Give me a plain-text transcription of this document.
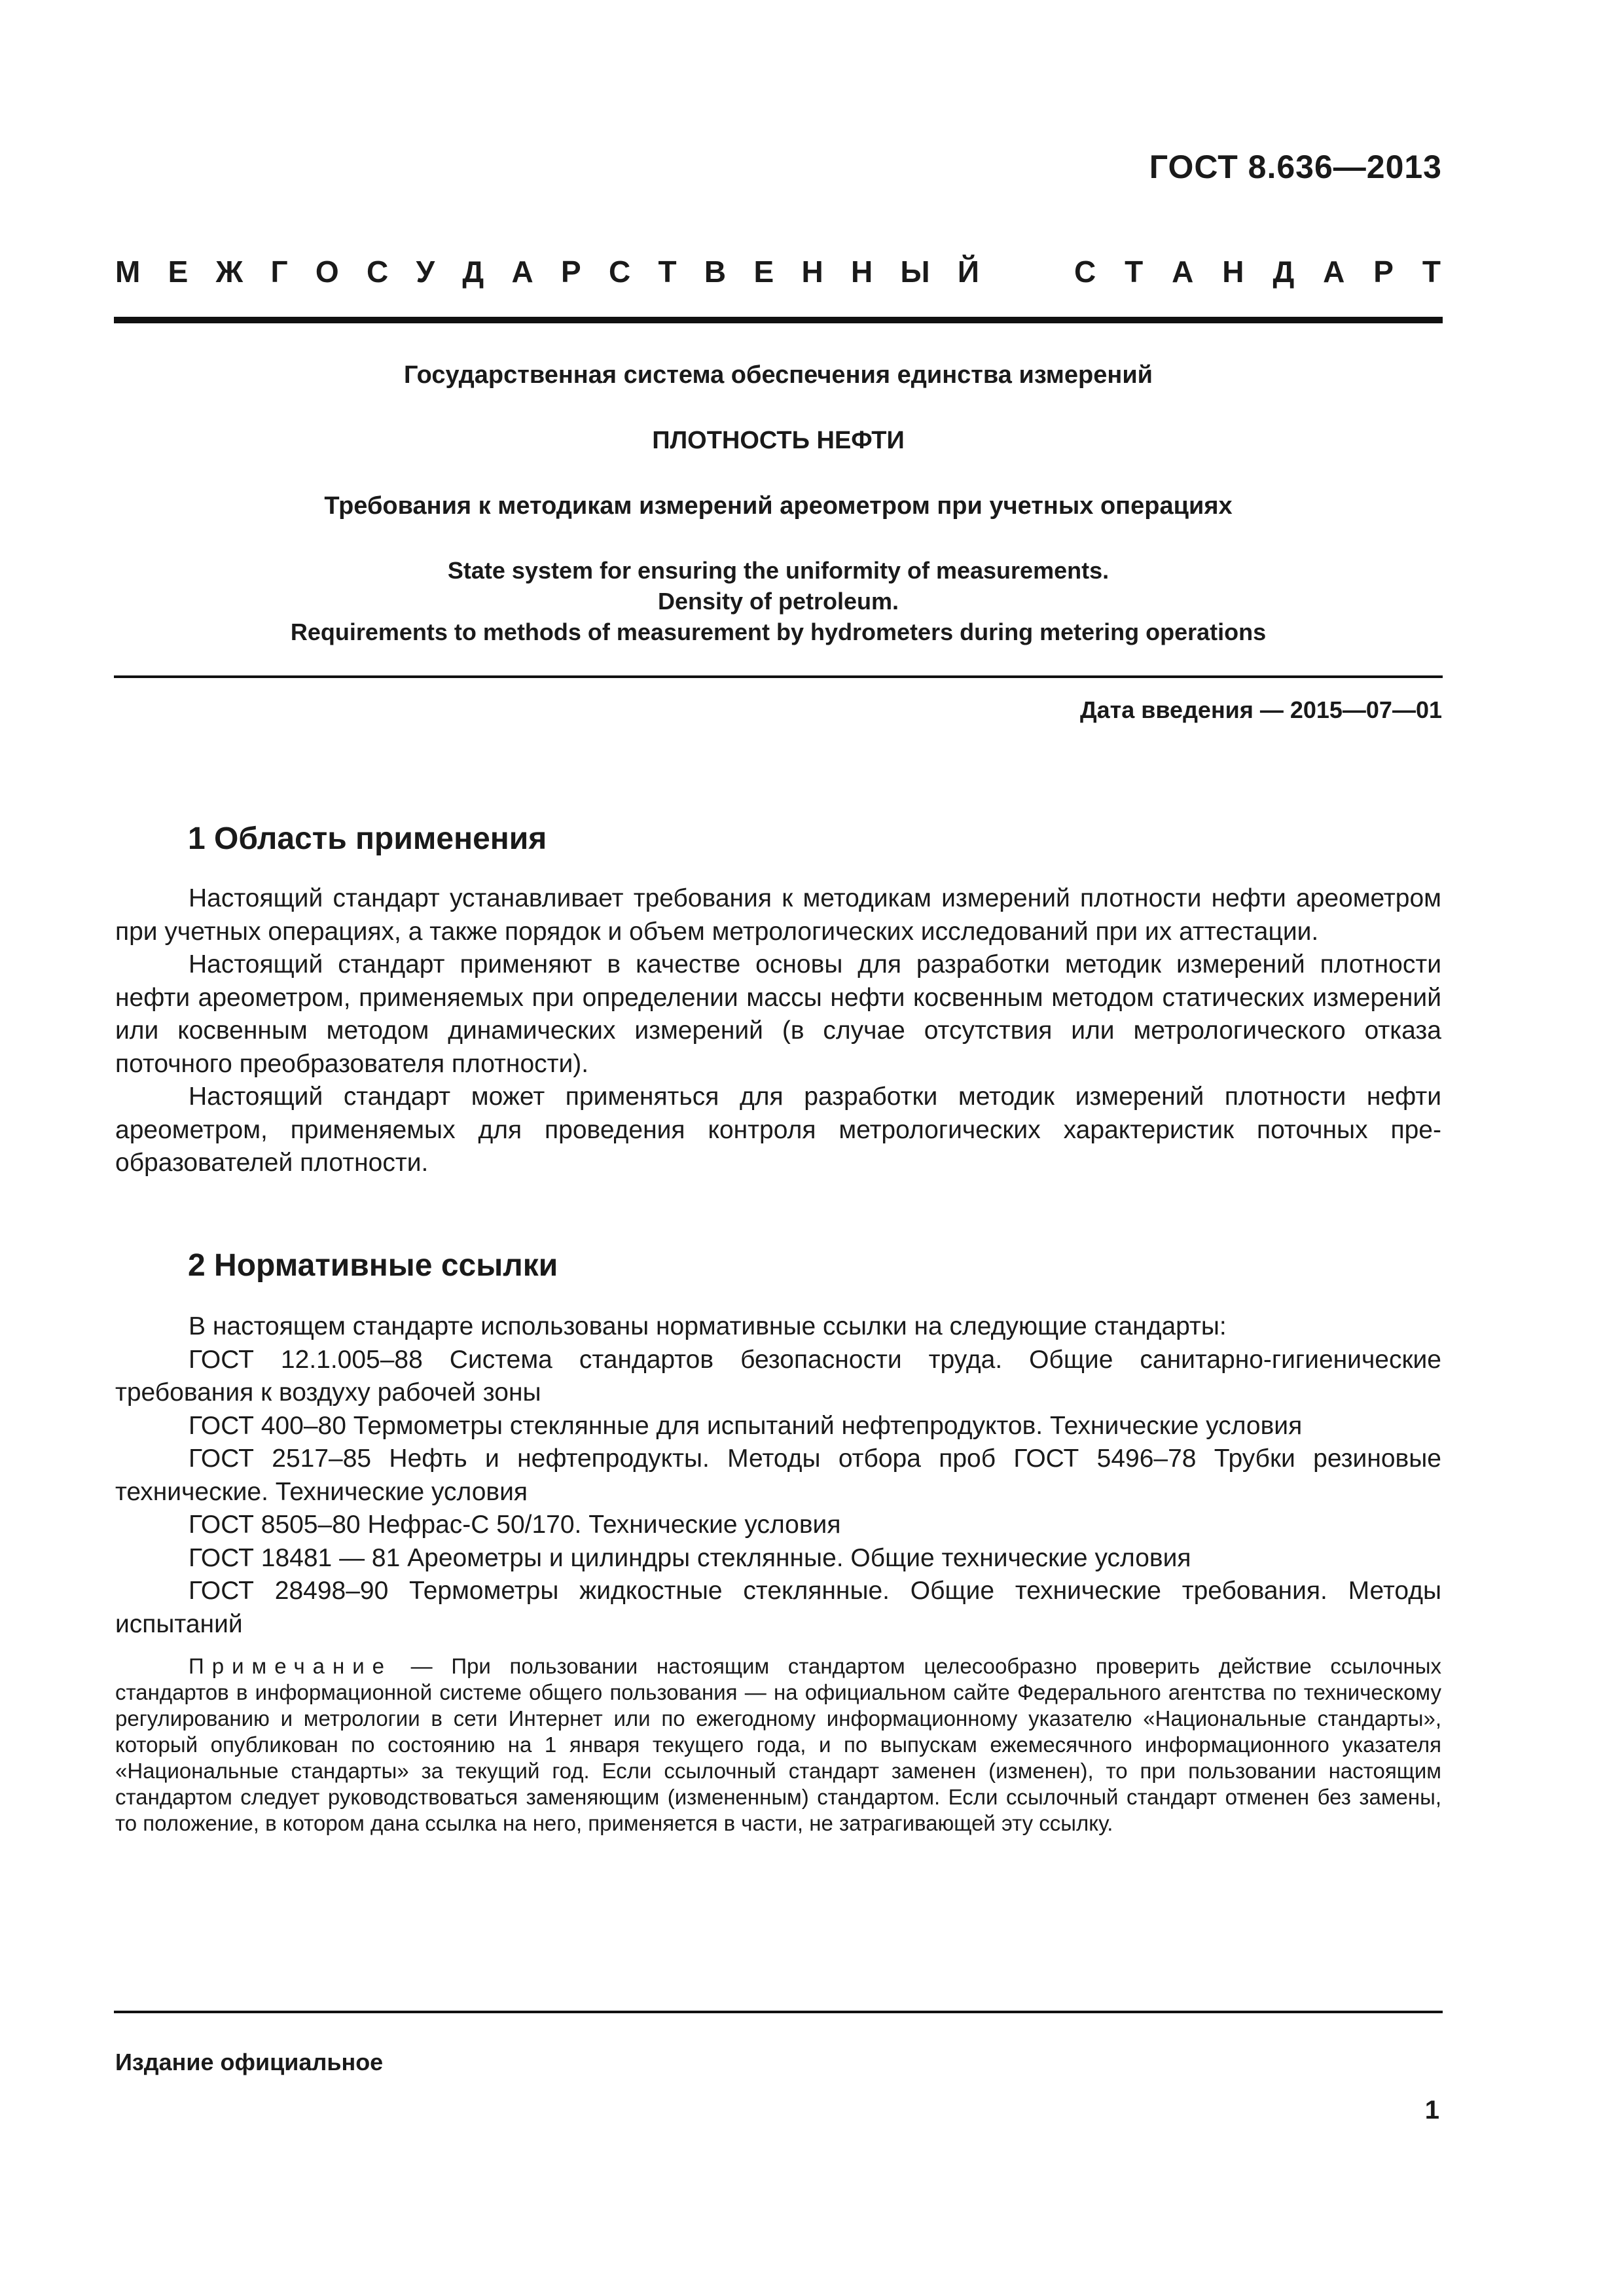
ГОСТ 8.636—2013
М Е Ж Г О С У Д А Р С Т В Е Н Н Ы Й	С Т А Н Д А Р Т
Государственная система обеспечения единства измерений
ПЛОТНОСТЬ НЕФТИ
Требования к методикам измерений ареометром при учетных операциях
State system for ensuring the uniformity of measurements.
Density of petroleum.
Requirements to methods of measurement by hydrometers during metering operations
Дата введения — 2015—07—01
1 Область применения

Настоящий стандарт устанавливает требования к методикам измерений плотности нефти ареометром при учетных операциях, а также порядок и объем метрологических исследований при их аттестации.

Настоящий стандарт применяют в качестве основы для разработки методик измерений плотности нефти ареометром, применяемых при определении массы нефти косвенным методом статических измерений или косвенным методом динамических измерений (в случае отсутствия или метрологического отказа поточного преобразователя плотности).

Настоящий стандарт может применяться для разработки методик измерений плотности нефти ареометром, применяемых для проведения контроля метрологических характеристик поточных преобразователей плотности.

2 Нормативные ссылки

В настоящем стандарте использованы нормативные ссылки на следующие стандарты:

ГОСТ 12.1.005–88 Система стандартов безопасности труда. Общие санитарно-гигиенические требования к воздуху рабочей зоны

ГОСТ 400–80 Термометры стеклянные для испытаний нефтепродуктов. Технические условия

ГОСТ 2517–85 Нефть и нефтепродукты. Методы отбора проб ГОСТ 5496–78 Трубки резиновые технические. Технические условия

ГОСТ 8505–80 Нефрас-С 50/170. Технические условия

ГОСТ 18481 — 81 Ареометры и цилиндры стеклянные. Общие технические условия

ГОСТ 28498–90 Термометры жидкостные стеклянные. Общие технические требования. Методы испытаний

Примечание — При пользовании настоящим стандартом целесообразно проверить действие ссылочных стандартов в информационной системе общего пользования — на официальном сайте Федерального агентства по техническому регулированию и метрологии в сети Интернет или по ежегодному информационному указателю «Национальные стандарты», который опубликован по состоянию на 1 января текущего года, и по выпускам ежемесячного информационного указателя «Национальные стандарты» за текущий год. Если ссылочный стандарт заменен (изменен), то при пользовании настоящим стандартом следует руководствоваться заменяющим (измененным) стандартом. Если ссылочный стандарт отменен без замены, то положение, в котором дана ссылка на него, применяется в части, не затрагивающей эту ссылку.
Издание официальное
1
